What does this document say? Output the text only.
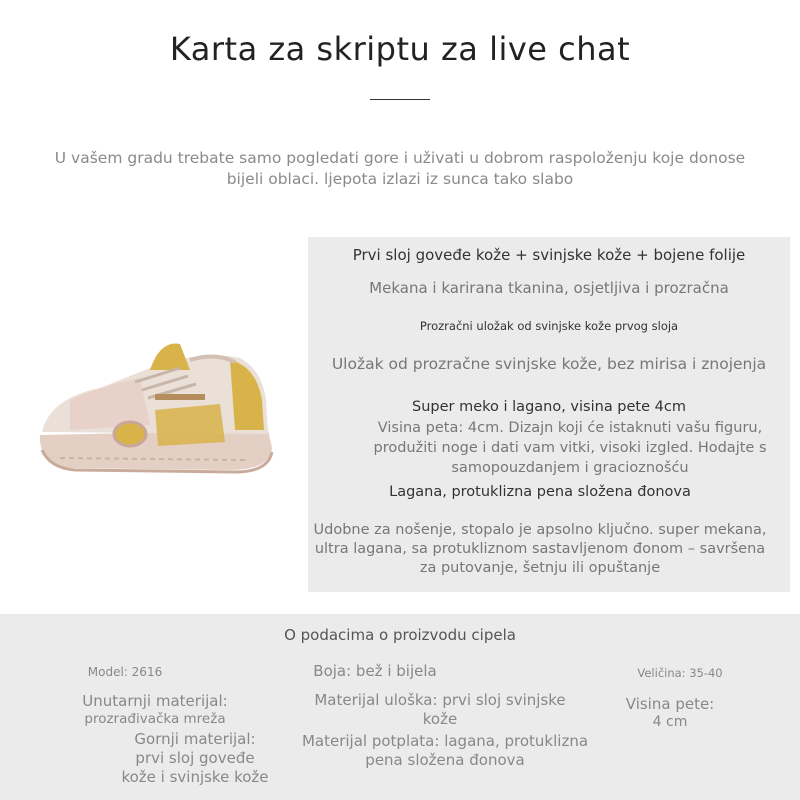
Karta za skriptu za live chat
U vašem gradu trebate samo pogledati gore i uživati u dobrom raspoloženju koje donose bijeli oblaci. ljepota izlazi iz sunca tako slabo
Prvi sloj goveđe kože + svinjske kože + bojene folije
Mekana i karirana tkanina, osjetljiva i prozračna
Prozračni uložak od svinjske kože prvog sloja
Uložak od prozračne svinjske kože, bez mirisa i znojenja
Super meko i lagano, visina pete 4cm
Visina peta: 4cm. Dizajn koji će istaknuti vašu figuru,
produžiti noge i dati vam vitki, visoki izgled. Hodajte s
samopouzdanjem i gracioznošću
Lagana, protuklizna pena složena đonova
Udobne za nošenje, stopalo je apsolno ključno. super mekana,
ultra lagana, sa protukliznom sastavljenom đonom – savršena
za putovanje, šetnju ili opuštanje
O podacima o proizvodu cipela
Model: 2616	Boja: bež i bijela	Veličina: 35-40
Unutarnji materijal:
prozrađivačka mreža
Materijal uloška: prvi sloj svinjske
kože
Visina pete:
4 cm
Gornji materijal:
prvi sloj goveđe
kože i svinjske kože
Materijal potplata: lagana, protuklizna
pena složena đonova
